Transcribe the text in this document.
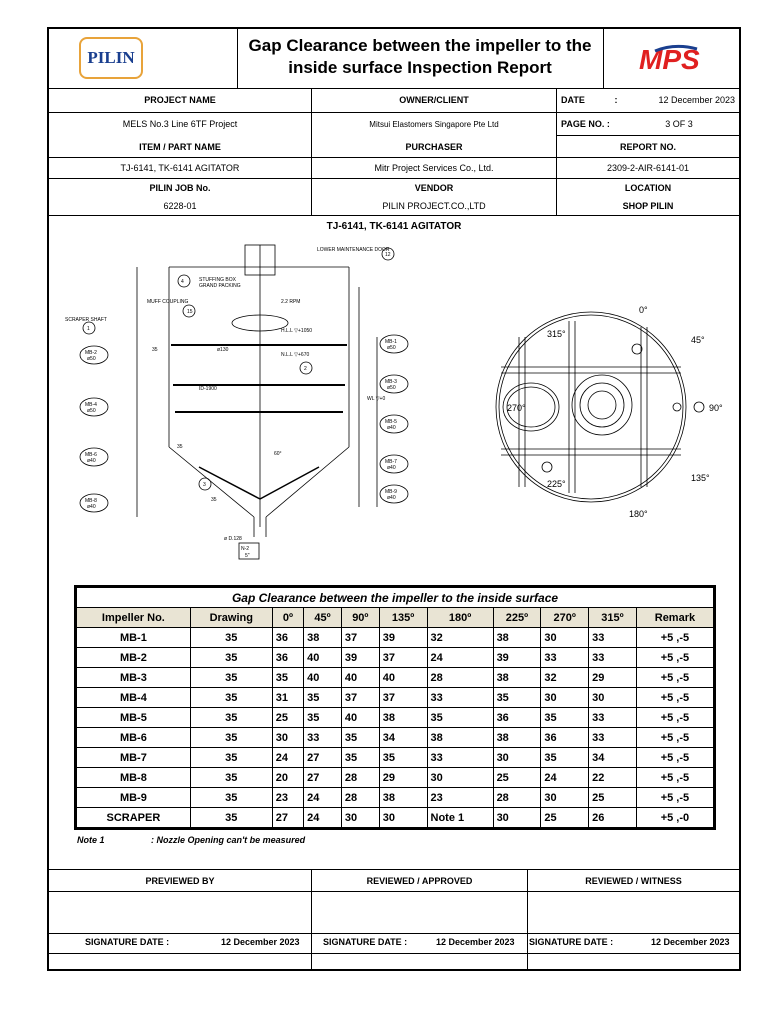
PILIN
Gap Clearance between the impeller to the
inside surface Inspection Report	MPS
PROJECT NAME
MELS No.3 Line 6TF Project
OWNER/CLIENT
Mitsui Elastomers Singapore Pte Ltd
DATE	:	12 December 2023
PAGE NO. :	3 OF 3
ITEM / PART NAME
TJ-6141, TK-6141 AGITATOR
PURCHASER
Mitr Project Services Co., Ltd.
REPORT NO.
2309-2-AIR-6141-01
PILIN JOB No.
6228-01
VENDOR
PILIN PROJECT.CO.,LTD
LOCATION
SHOP PILIN
TJ-6141, TK-6141 AGITATOR
LOWER MAINTENANCE DOOR
STUFFING BOX
GRAND PACKING
MUFF COUPLING
SCRAPER SHAFT
2.2 RPM
H.L.L ▽+1050
N.L.L ▽+670
WL ▽+0
ø130
ID-1900
35
35
35
ø D.128
N-2
5"
60°
MB-2
ø50
MB-4
ø50
MB-6
ø40
MB-8
ø40
MB-1
ø50
MB-3
ø50
MB-5
ø40
MB-7
ø40
MB-9
ø40
1
15
2
3
4
12
0°
45°
90°
135°
180°
225°
270°
315°
Gap Clearance between the impeller to the inside surface										
Impeller No.	Drawing	0º	45º	90º	135º	180º	225º	270º	315º	Remark
MB-1	35	36	38	37	39	32	38	30	33	+5 ,-5
MB-2	35	36	40	39	37	24	39	33	33	+5 ,-5
MB-3	35	35	40	40	40	28	38	32	29	+5 ,-5
MB-4	35	31	35	37	37	33	35	30	30	+5 ,-5
MB-5	35	25	35	40	38	35	36	35	33	+5 ,-5
MB-6	35	30	33	35	34	38	38	36	33	+5 ,-5
MB-7	35	24	27	35	35	33	30	35	34	+5 ,-5
MB-8	35	20	27	28	29	30	25	24	22	+5 ,-5
MB-9	35	23	24	28	38	23	28	30	25	+5 ,-5
SCRAPER	35	27	24	30	30	Note 1	30	25	26	+5 ,-0
Note 1	: Nozzle Opening can't be measured
PREVIEWED BY	REVIEWED / APPROVED	REVIEWED / WITNESS
SIGNATURE DATE :	12 December 2023	SIGNATURE DATE :	12 December 2023 SIGNATURE DATE :	12 December 2023
